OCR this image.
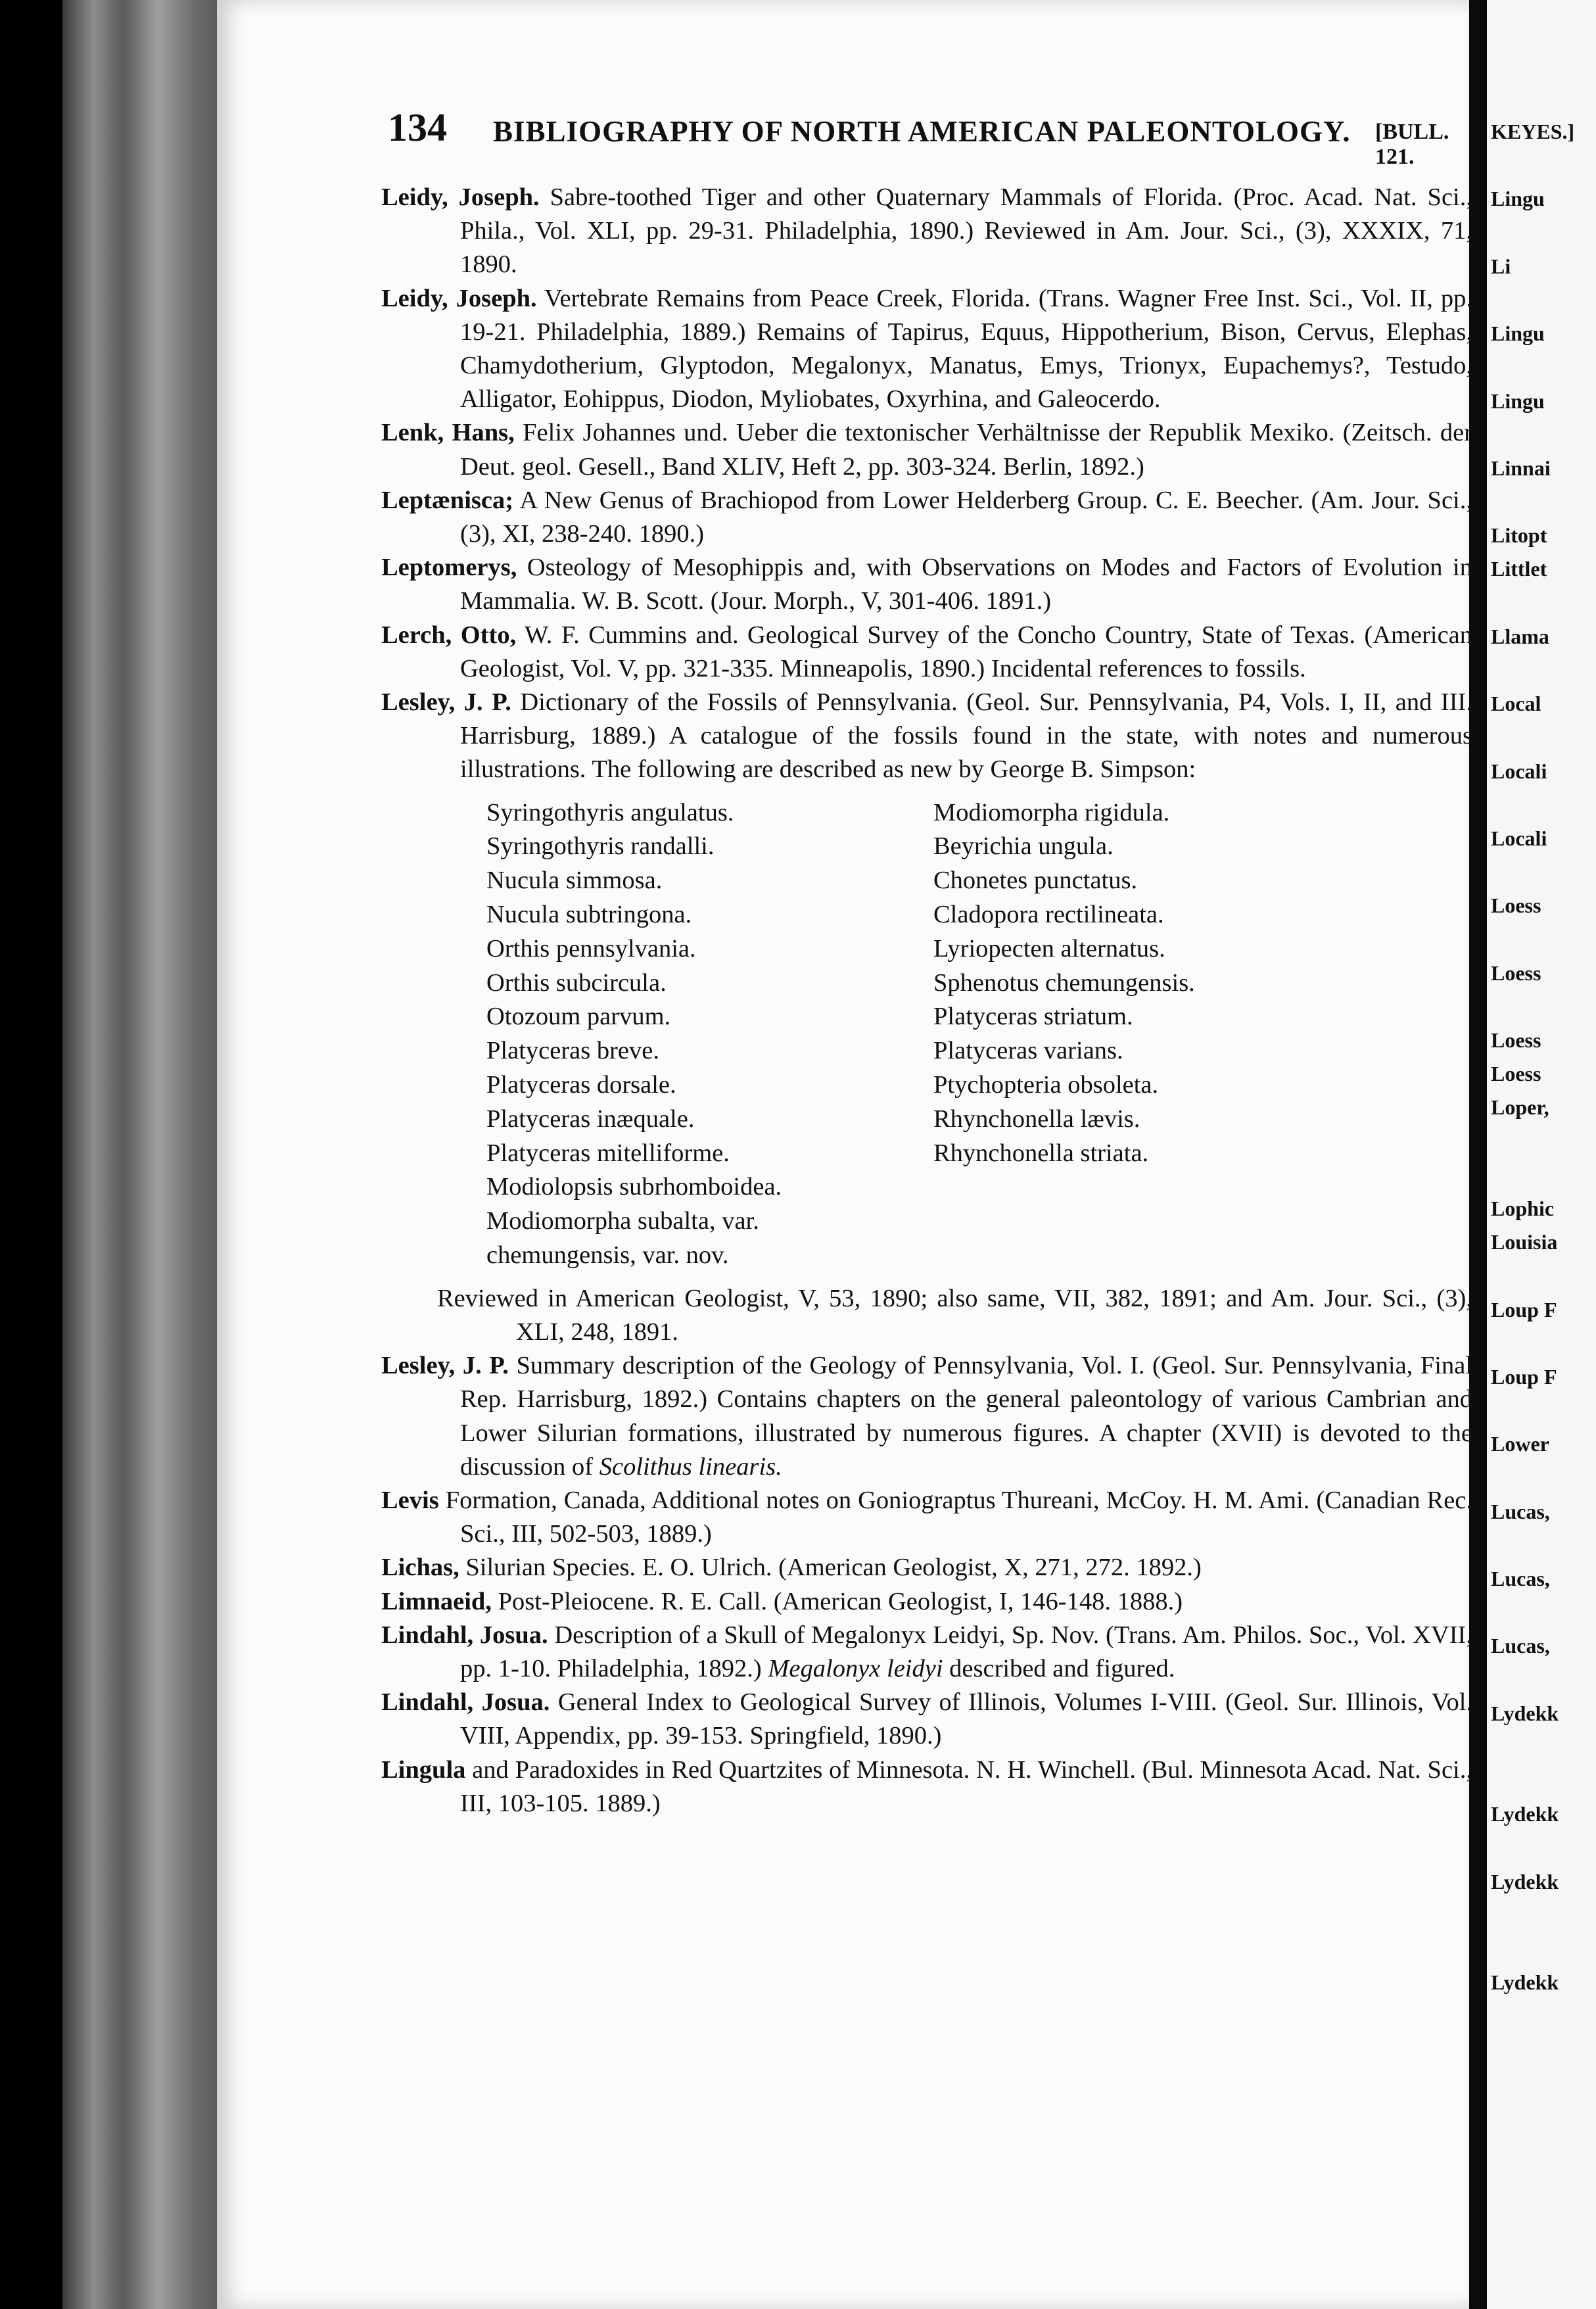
KEYES.]
Lingu
Li
Lingu
Lingu
Linnai
Litopt
Littlet
Llama
Local
Locali
Locali
Loess
Loess
Loess
Loess
Loper,
Lophic
Louisia
Loup F
Loup F
Lower
Lucas,
Lucas,
Lucas,
Lydekk
Lydekk
Lydekk
Lydekk
134 BIBLIOGRAPHY OF NORTH AMERICAN PALEONTOLOGY. [BULL. 121.
Leidy, Joseph. Sabre-toothed Tiger and other Quaternary Mammals of Florida. (Proc. Acad. Nat. Sci., Phila., Vol. XLI, pp. 29-31. Philadelphia, 1890.) Reviewed in Am. Jour. Sci., (3), XXXIX, 71, 1890.
Leidy, Joseph. Vertebrate Remains from Peace Creek, Florida. (Trans. Wagner Free Inst. Sci., Vol. II, pp. 19-21. Philadelphia, 1889.) Remains of Tapirus, Equus, Hippotherium, Bison, Cervus, Elephas, Chamydotherium, Glyptodon, Megalonyx, Manatus, Emys, Trionyx, Eupachemys?, Testudo, Alligator, Eohippus, Diodon, Myliobates, Oxyrhina, and Galeocerdo.
Lenk, Hans, Felix Johannes und. Ueber die textonischer Verhältnisse der Republik Mexiko. (Zeitsch. der Deut. geol. Gesell., Band XLIV, Heft 2, pp. 303-324. Berlin, 1892.)
Leptænisca; A New Genus of Brachiopod from Lower Helderberg Group. C. E. Beecher. (Am. Jour. Sci., (3), XI, 238-240. 1890.)
Leptomerys, Osteology of Mesophippis and, with Observations on Modes and Factors of Evolution in Mammalia. W. B. Scott. (Jour. Morph., V, 301-406. 1891.)
Lerch, Otto, W. F. Cummins and. Geological Survey of the Concho Country, State of Texas. (American Geologist, Vol. V, pp. 321-335. Minneapolis, 1890.) Incidental references to fossils.
Lesley, J. P. Dictionary of the Fossils of Pennsylvania. (Geol. Sur. Pennsylvania, P4, Vols. I, II, and III. Harrisburg, 1889.) A catalogue of the fossils found in the state, with notes and numerous illustrations. The following are described as new by George B. Simpson:
Syringothyris angulatus.	Modiomorpha rigidula.
Syringothyris randalli.	Beyrichia ungula.
Nucula simmosa.	Chonetes punctatus.
Nucula subtringona.	Cladopora rectilineata.
Orthis pennsylvania.	Lyriopecten alternatus.
Orthis subcircula.	Sphenotus chemungensis.
Otozoum parvum.	Platyceras striatum.
Platyceras breve.	Platyceras varians.
Platyceras dorsale.	Ptychopteria obsoleta.
Platyceras inæquale.	Rhynchonella lævis.
Platyceras mitelliforme.	Rhynchonella striata.
Modiolopsis subrhomboidea.
Modiomorpha subalta, var. chemungensis, var. nov.
Reviewed in American Geologist, V, 53, 1890; also same, VII, 382, 1891; and Am. Jour. Sci., (3), XLI, 248, 1891.
Lesley, J. P. Summary description of the Geology of Pennsylvania, Vol. I. (Geol. Sur. Pennsylvania, Final Rep. Harrisburg, 1892.) Contains chapters on the general paleontology of various Cambrian and Lower Silurian formations, illustrated by numerous figures. A chapter (XVII) is devoted to the discussion of Scolithus linearis.
Levis Formation, Canada, Additional notes on Goniograptus Thureani, McCoy. H. M. Ami. (Canadian Rec. Sci., III, 502-503, 1889.)
Lichas, Silurian Species. E. O. Ulrich. (American Geologist, X, 271, 272. 1892.)
Limnaeid, Post-Pleiocene. R. E. Call. (American Geologist, I, 146-148. 1888.)
Lindahl, Josua. Description of a Skull of Megalonyx Leidyi, Sp. Nov. (Trans. Am. Philos. Soc., Vol. XVII, pp. 1-10. Philadelphia, 1892.) Megalonyx leidyi described and figured.
Lindahl, Josua. General Index to Geological Survey of Illinois, Volumes I-VIII. (Geol. Sur. Illinois, Vol. VIII, Appendix, pp. 39-153. Springfield, 1890.)
Lingula and Paradoxides in Red Quartzites of Minnesota. N. H. Winchell. (Bul. Minnesota Acad. Nat. Sci., III, 103-105. 1889.)
